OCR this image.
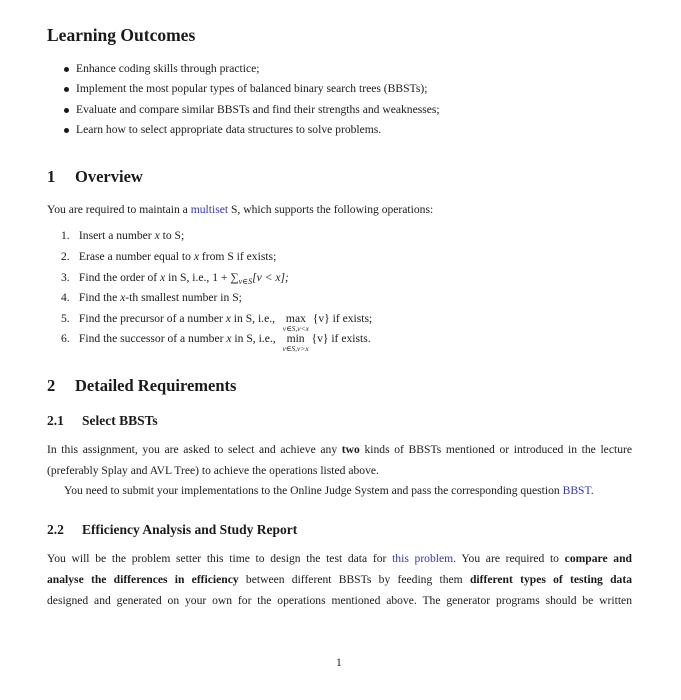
Learning Outcomes
Enhance coding skills through practice;
Implement the most popular types of balanced binary search trees (BBSTs);
Evaluate and compare similar BBSTs and find their strengths and weaknesses;
Learn how to select appropriate data structures to solve problems.
1 Overview
You are required to maintain a multiset S, which supports the following operations:
1. Insert a number x to S;
2. Erase a number equal to x from S if exists;
3. Find the order of x in S, i.e., $1 + \sum_{v\in S}[v < x]$;
4. Find the x-th smallest number in S;
5. Find the precursor of a number x in S, i.e., max
v∈S,v<x
{v} if exists;
6. Find the successor of a number x in S, i.e., min
v∈S,v>x
{v} if exists.
2 Detailed Requirements
2.1 Select BBSTs
In this assignment, you are asked to select and achieve any two kinds of BBSTs mentioned or introduced in the lecture
(preferably Splay and AVL Tree) to achieve the operations listed above.
You need to submit your implementations to the Online Judge System and pass the corresponding question BBST.
2.2 Efficiency Analysis and Study Report
You will be the problem setter this time to design the test data for this problem. You are required to compare and
analyse the differences in efficiency between different BBSTs by feeding them different types of testing data
designed and generated on your own for the operations mentioned above. The generator programs should be written
1
